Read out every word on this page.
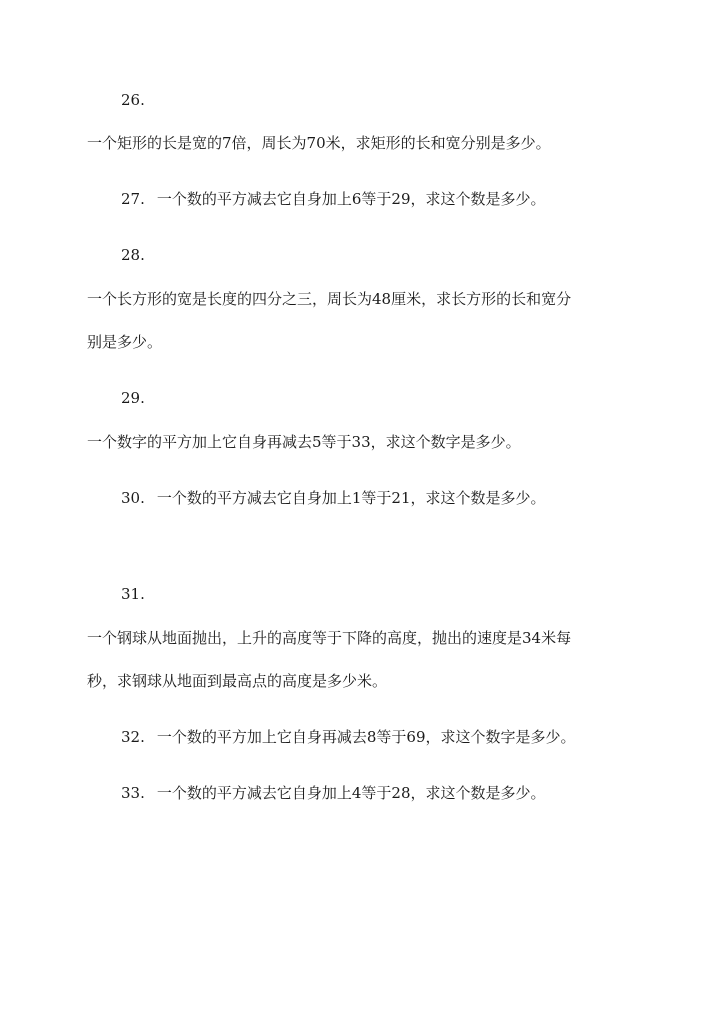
26.
一个矩形的长是宽的7倍，周长为70米，求矩形的长和宽分别是多少。
27. 一个数的平方减去它自身加上6等于29，求这个数是多少。
28.
一个长方形的宽是长度的四分之三，周长为48厘米，求长方形的长和宽分
别是多少。
29.
一个数字的平方加上它自身再减去5等于33，求这个数字是多少。
30. 一个数的平方减去它自身加上1等于21，求这个数是多少。
31.
一个钢球从地面抛出，上升的高度等于下降的高度，抛出的速度是34米每
秒，求钢球从地面到最高点的高度是多少米。
32. 一个数的平方加上它自身再减去8等于69，求这个数字是多少。
33. 一个数的平方减去它自身加上4等于28，求这个数是多少。
